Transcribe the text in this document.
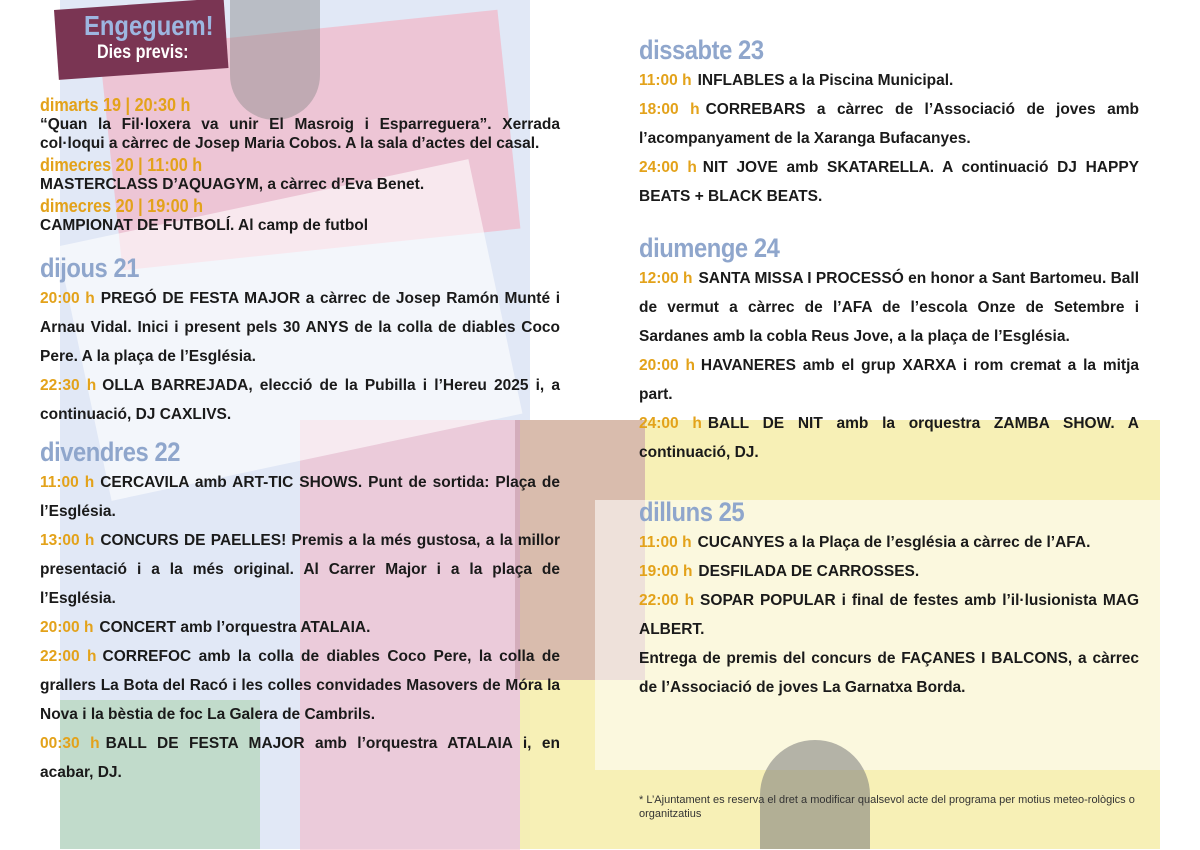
Engeguem!
Dies previs:
dimarts 19 | 20:30 h
“Quan la Fil·loxera va unir El Masroig i Esparreguera”. Xerrada col·loqui a càrrec de Josep Maria Cobos. A la sala d’actes del casal.
dimecres 20 | 11:00 h
MASTERCLASS D’AQUAGYM, a càrrec d’Eva Benet.
dimecres 20 | 19:00 h
CAMPIONAT DE FUTBOLÍ. Al camp de futbol
dijous 21
20:00 h PREGÓ DE FESTA MAJOR a càrrec de Josep Ramón Munté i Arnau Vidal. Inici i present pels 30 ANYS de la colla de diables Coco Pere. A la plaça de l’Església.
22:30 h OLLA BARREJADA, elecció de la Pubilla i l’Hereu 2025 i, a continuació, DJ CAXLIVS.
divendres 22
11:00 h CERCAVILA amb ART-TIC SHOWS. Punt de sortida: Plaça de l’Església.
13:00 h CONCURS DE PAELLES! Premis a la més gustosa, a la millor presentació i a la més original. Al Carrer Major i a la plaça de l’Església.
20:00 h CONCERT amb l’orquestra ATALAIA.
22:00 h CORREFOC amb la colla de diables Coco Pere, la colla de grallers La Bota del Racó i les colles convidades Masovers de Móra la Nova i la bèstia de foc La Galera de Cambrils.
00:30 h BALL DE FESTA MAJOR amb l’orquestra ATALAIA i, en acabar, DJ.
dissabte 23
11:00 h INFLABLES a la Piscina Municipal.
18:00 h CORREBARS a càrrec de l’Associació de joves amb l’acompanyament de la Xaranga Bufacanyes.
24:00 h NIT JOVE amb SKATARELLA. A continuació DJ HAPPY BEATS + BLACK BEATS.
diumenge 24
12:00 h SANTA MISSA I PROCESSÓ en honor a Sant Bartomeu. Ball de vermut a càrrec de l’AFA de l’escola Onze de Setembre i Sardanes amb la cobla Reus Jove, a la plaça de l’Església.
20:00 h HAVANERES amb el grup XARXA i rom cremat a la mitja part.
24:00 h BALL DE NIT amb la orquestra ZAMBA SHOW. A continuació, DJ.
dilluns 25
11:00 h CUCANYES a la Plaça de l’església a càrrec de l’AFA.
19:00 h DESFILADA DE CARROSSES.
22:00 h SOPAR POPULAR i final de festes amb l’il·lusionista MAG ALBERT.
Entrega de premis del concurs de FAÇANES I BALCONS, a càrrec de l’Associació de joves La Garnatxa Borda.
* L’Ajuntament es reserva el dret a modificar qualsevol acte del programa per motius meteo-rològics o organitzatius
